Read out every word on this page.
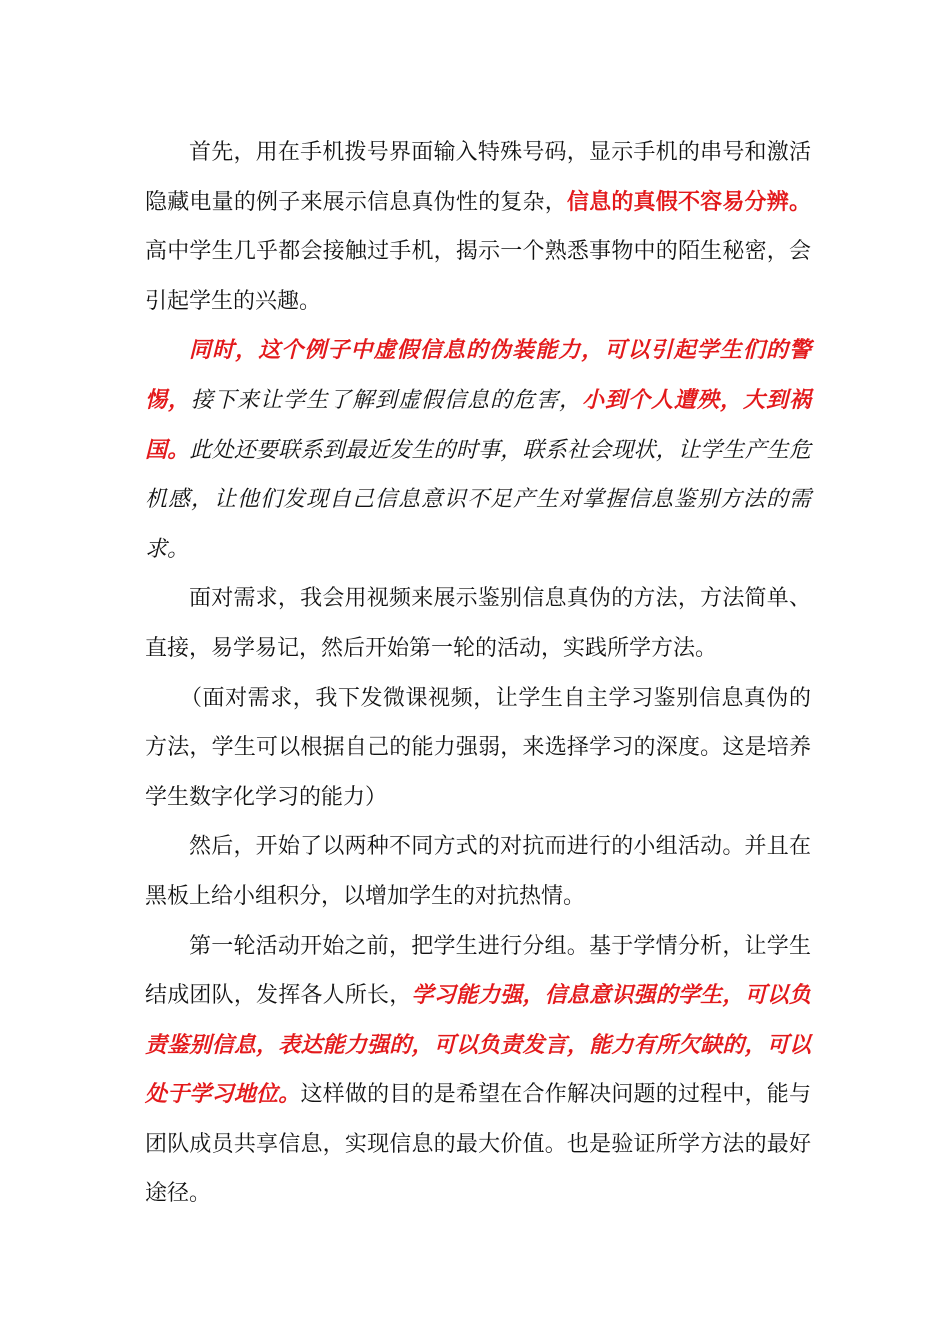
首先，用在手机拨号界面输入特殊号码，显示手机的串号和激活隐藏电量的例子来展示信息真伪性的复杂，信息的真假不容易分辨。高中学生几乎都会接触过手机，揭示一个熟悉事物中的陌生秘密，会引起学生的兴趣。

同时，这个例子中虚假信息的伪装能力，可以引起学生们的警惕，接下来让学生了解到虚假信息的危害，小到个人遭殃，大到祸国。此处还要联系到最近发生的时事，联系社会现状，让学生产生危机感，让他们发现自己信息意识不足产生对掌握信息鉴别方法的需求。

面对需求，我会用视频来展示鉴别信息真伪的方法，方法简单、直接，易学易记，然后开始第一轮的活动，实践所学方法。

（面对需求，我下发微课视频，让学生自主学习鉴别信息真伪的方法，学生可以根据自己的能力强弱，来选择学习的深度。这是培养学生数字化学习的能力）

然后，开始了以两种不同方式的对抗而进行的小组活动。并且在黑板上给小组积分，以增加学生的对抗热情。

第一轮活动开始之前，把学生进行分组。基于学情分析，让学生结成团队，发挥各人所长，学习能力强，信息意识强的学生，可以负责鉴别信息，表达能力强的，可以负责发言，能力有所欠缺的，可以处于学习地位。这样做的目的是希望在合作解决问题的过程中，能与团队成员共享信息，实现信息的最大价值。也是验证所学方法的最好途径。
